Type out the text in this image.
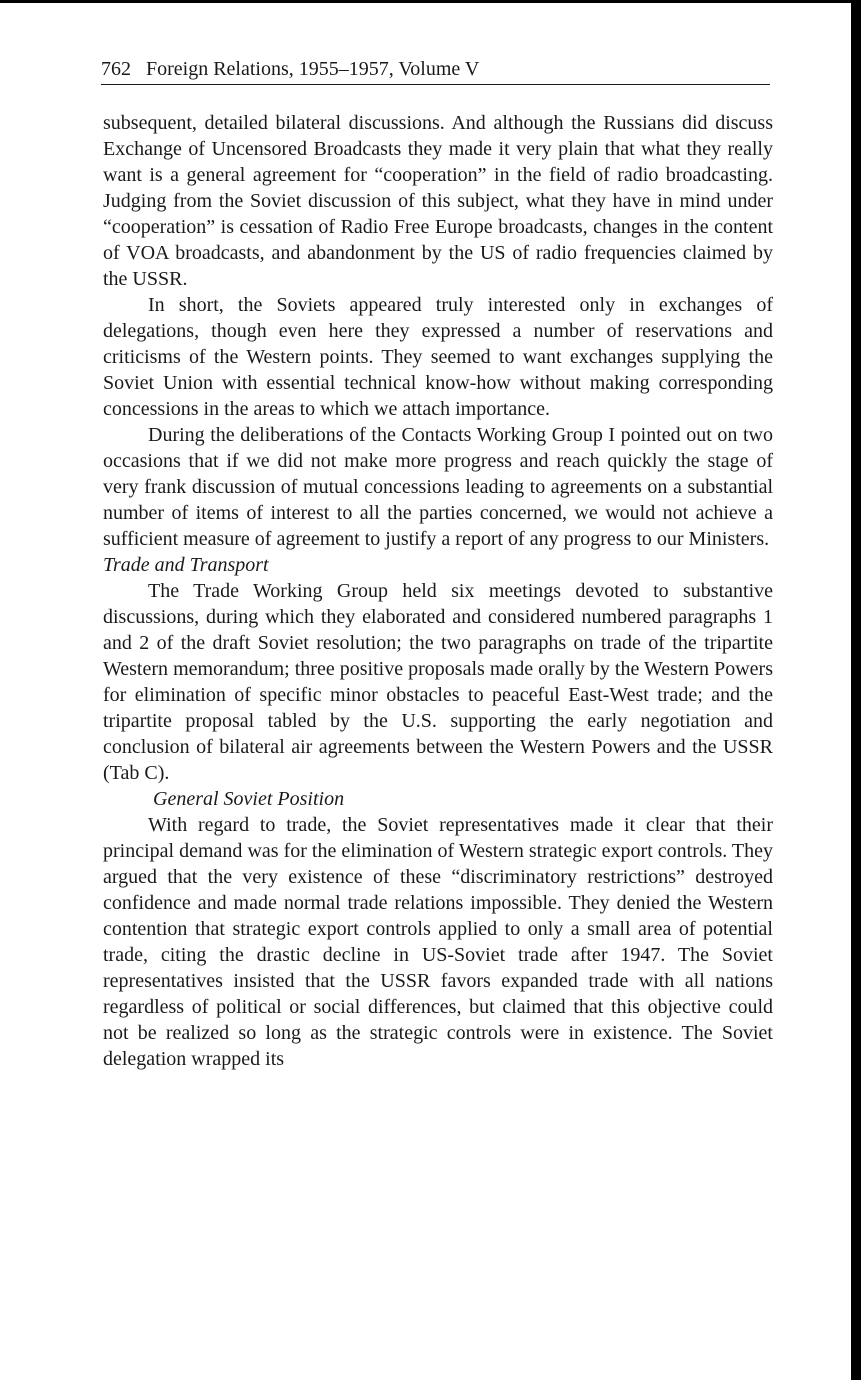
762 Foreign Relations, 1955–1957, Volume V

subsequent, detailed bilateral discussions. And although the Russians did discuss Exchange of Uncensored Broadcasts they made it very plain that what they really want is a general agreement for “cooperation” in the field of radio broadcasting. Judging from the Soviet discussion of this subject, what they have in mind under “cooperation” is cessation of Radio Free Europe broadcasts, changes in the content of VOA broadcasts, and abandonment by the US of radio frequencies claimed by the USSR.

In short, the Soviets appeared truly interested only in exchanges of delegations, though even here they expressed a number of reservations and criticisms of the Western points. They seemed to want exchanges supplying the Soviet Union with essential technical know-how without making corresponding concessions in the areas to which we attach importance.

During the deliberations of the Contacts Working Group I pointed out on two occasions that if we did not make more progress and reach quickly the stage of very frank discussion of mutual concessions leading to agreements on a substantial number of items of interest to all the parties concerned, we would not achieve a sufficient measure of agreement to justify a report of any progress to our Ministers.

Trade and Transport

The Trade Working Group held six meetings devoted to substantive discussions, during which they elaborated and considered numbered paragraphs 1 and 2 of the draft Soviet resolution; the two paragraphs on trade of the tripartite Western memorandum; three positive proposals made orally by the Western Powers for elimination of specific minor obstacles to peaceful East-West trade; and the tripartite proposal tabled by the U.S. supporting the early negotiation and conclusion of bilateral air agreements between the Western Powers and the USSR (Tab C).

General Soviet Position

With regard to trade, the Soviet representatives made it clear that their principal demand was for the elimination of Western strategic export controls. They argued that the very existence of these “discriminatory restrictions” destroyed confidence and made normal trade relations impossible. They denied the Western contention that strategic export controls applied to only a small area of potential trade, citing the drastic decline in US-Soviet trade after 1947. The Soviet representatives insisted that the USSR favors expanded trade with all nations regardless of political or social differences, but claimed that this objective could not be realized so long as the strategic controls were in existence. The Soviet delegation wrapped its
